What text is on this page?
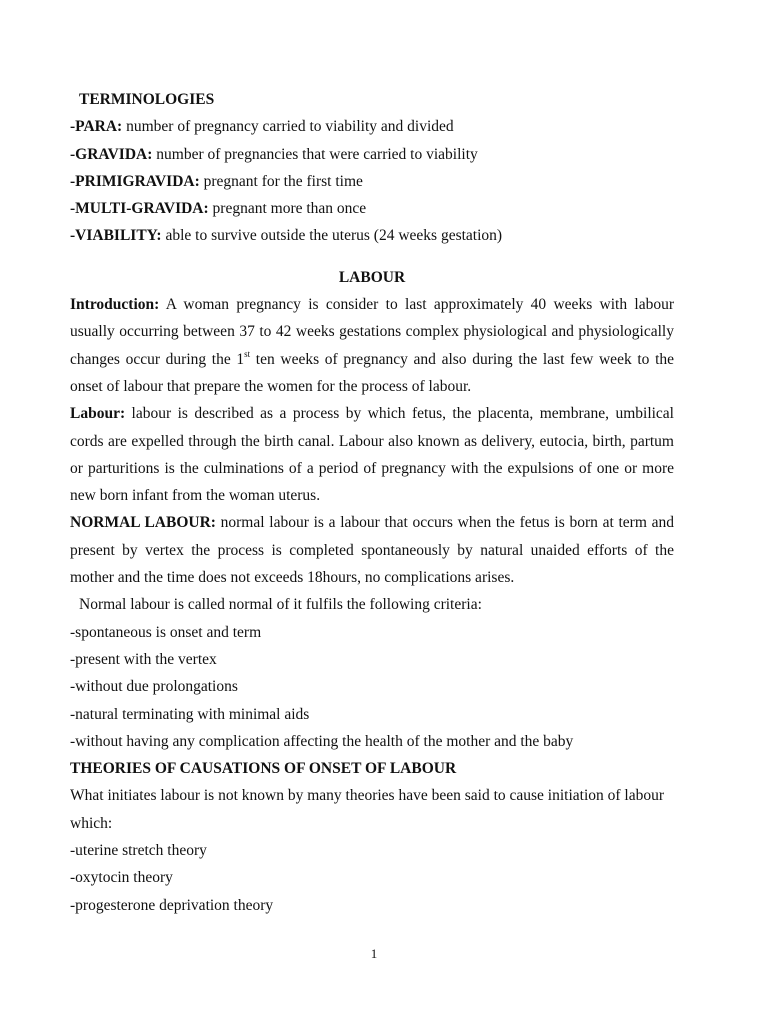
TERMINOLOGIES
-PARA: number of pregnancy carried to viability and divided
-GRAVIDA: number of pregnancies that were carried to viability
-PRIMIGRAVIDA: pregnant for the first time
-MULTI-GRAVIDA: pregnant more than once
-VIABILITY: able to survive outside the uterus (24 weeks gestation)
LABOUR
Introduction: A woman pregnancy is consider to last approximately 40 weeks with labour usually occurring between 37 to 42 weeks gestations complex physiological and physiologically changes occur during the 1st ten weeks of pregnancy and also during the last few week to the onset of labour that prepare the women for the process of labour.
Labour: labour is described as a process by which fetus, the placenta, membrane, umbilical cords are expelled through the birth canal. Labour also known as delivery, eutocia, birth, partum or parturitions is the culminations of a period of pregnancy with the expulsions of one or more new born infant from the woman uterus.
NORMAL LABOUR: normal labour is a labour that occurs when the fetus is born at term and present by vertex the process is completed spontaneously by natural unaided efforts of the mother and the time does not exceeds 18hours, no complications arises.
Normal labour is called normal of it fulfils the following criteria:
-spontaneous is onset and term
-present with the vertex
-without due prolongations
-natural terminating with minimal aids
-without having any complication affecting the health of the mother and the baby
THEORIES OF CAUSATIONS OF ONSET OF LABOUR
What initiates labour is not known by many theories have been said to cause initiation of labour which:
-uterine stretch theory
-oxytocin theory
-progesterone deprivation theory
1
